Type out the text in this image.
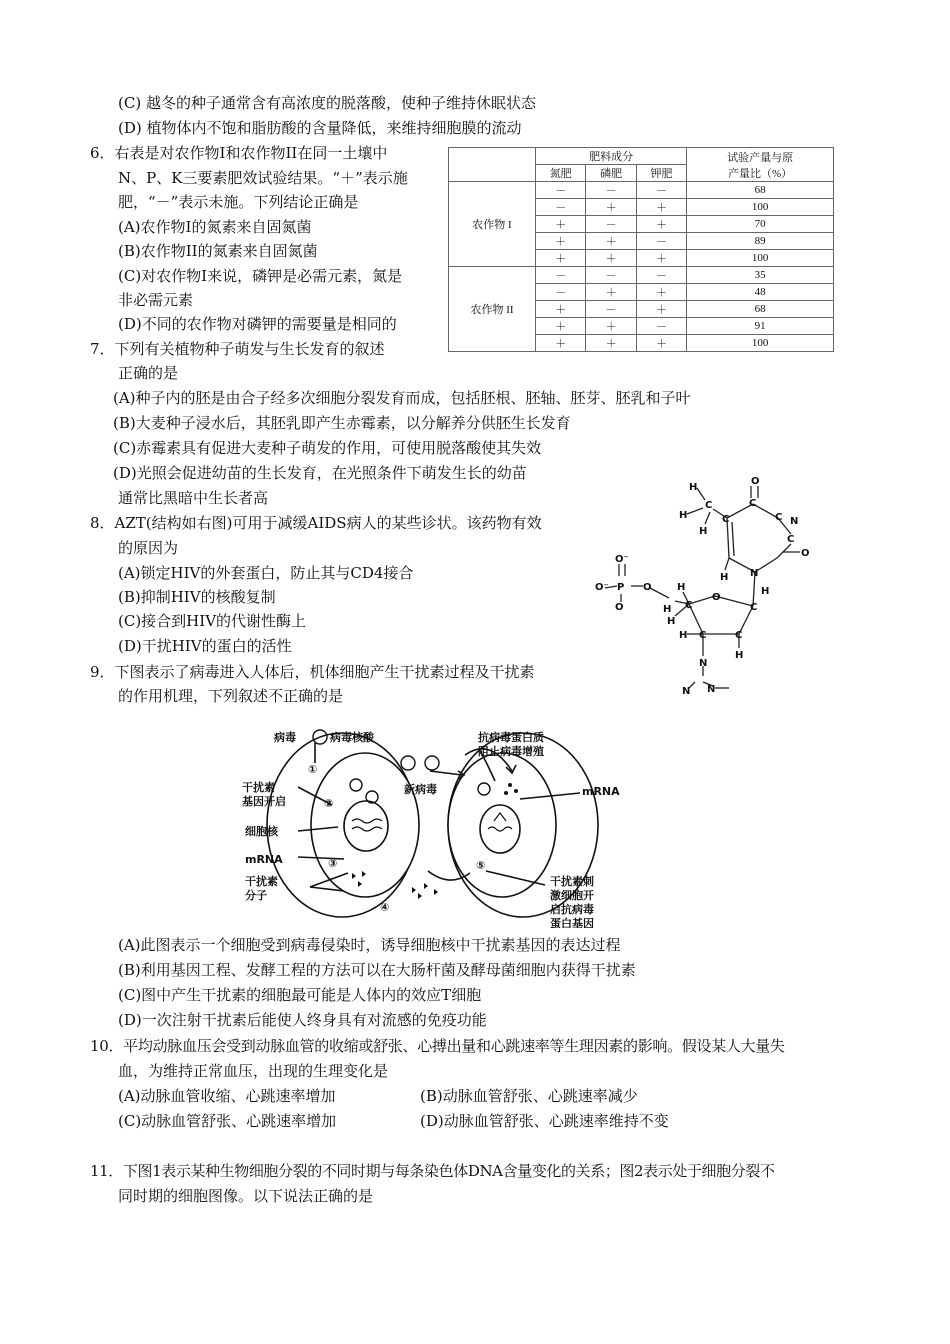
(C) 越冬的种子通常含有高浓度的脱落酸，使种子维持休眠状态
(D) 植物体内不饱和脂肪酸的含量降低，来维持细胞膜的流动
6．右表是对农作物I和农作物II在同一土壤中
N、P、K三要素肥效试验结果。“＋”表示施
肥，“－”表示未施。下列结论正确是
(A)农作物I的氮素来自固氮菌
(B)农作物II的氮素来自固氮菌
(C)对农作物I来说，磷钾是必需元素，氮是
非必需元素
(D)不同的农作物对磷钾的需要量是相同的
	肥料成分			试验产量与原
产量比（%）
	氮肥	磷肥	钾肥	
农作物 I	－	－	－	68
	－	＋	＋	100
	＋	－	＋	70
	＋	＋	－	89
	＋	＋	＋	100
农作物 II	－	－	－	35
	－	＋	＋	48
	＋	－	＋	68
	＋	＋	－	91
	＋	＋	＋	100
7．下列有关植物种子萌发与生长发育的叙述
正确的是
(A)种子内的胚是由合子经多次细胞分裂发育而成，包括胚根、胚轴、胚芽、胚乳和子叶
(B)大麦种子浸水后，其胚乳即产生赤霉素，以分解养分供胚生长发育
(C)赤霉素具有促进大麦种子萌发的作用，可使用脱落酸使其失效
(D)光照会促进幼苗的生长发育，在光照条件下萌发生长的幼苗
通常比黑暗中生长者高
8．AZT(结构如右图)可用于减缓AIDS病人的某些诊状。该药物有效
的原因为
(A)锁定HIV的外套蛋白，防止其与CD4接合
(B)抑制HIV的核酸复制
(C)接合到HIV的代谢性酶上
(D)干扰HIV的蛋白的活性
H
H
H
C
C
C
C N
N
C
O
O
H
O⁻
P O
O⁻
O
H
C
H
O
C
C
C
H
H
H
H
N
N N
9．下图表示了病毒进入人体后，机体细胞产生干扰素过程及干扰素
的作用机理，下列叙述不正确的是
病毒	病毒核酸
①
干扰素
基因开启	②
细胞核
mRNA	③
干扰素
分子
④
新病毒
抗病毒蛋白质
阻止病毒增殖
mRNA
⑤
干扰素刺
激细胞开
启抗病毒
蛋白基因
(A)此图表示一个细胞受到病毒侵染时，诱导细胞核中干扰素基因的表达过程
(B)利用基因工程、发酵工程的方法可以在大肠杆菌及酵母菌细胞内获得干扰素
(C)图中产生干扰素的细胞最可能是人体内的效应T细胞
(D)一次注射干扰素后能使人终身具有对流感的免疫功能
10．平均动脉血压会受到动脉血管的收缩或舒张、心搏出量和心跳速率等生理因素的影响。假设某人大量失
血，为维持正常血压，出现的生理变化是
(A)动脉血管收缩、心跳速率增加	(B)动脉血管舒张、心跳速率减少
(C)动脉血管舒张、心跳速率增加	(D)动脉血管舒张、心跳速率维持不变
11．下图1表示某种生物细胞分裂的不同时期与每条染色体DNA含量变化的关系；图2表示处于细胞分裂不
同时期的细胞图像。以下说法正确的是
